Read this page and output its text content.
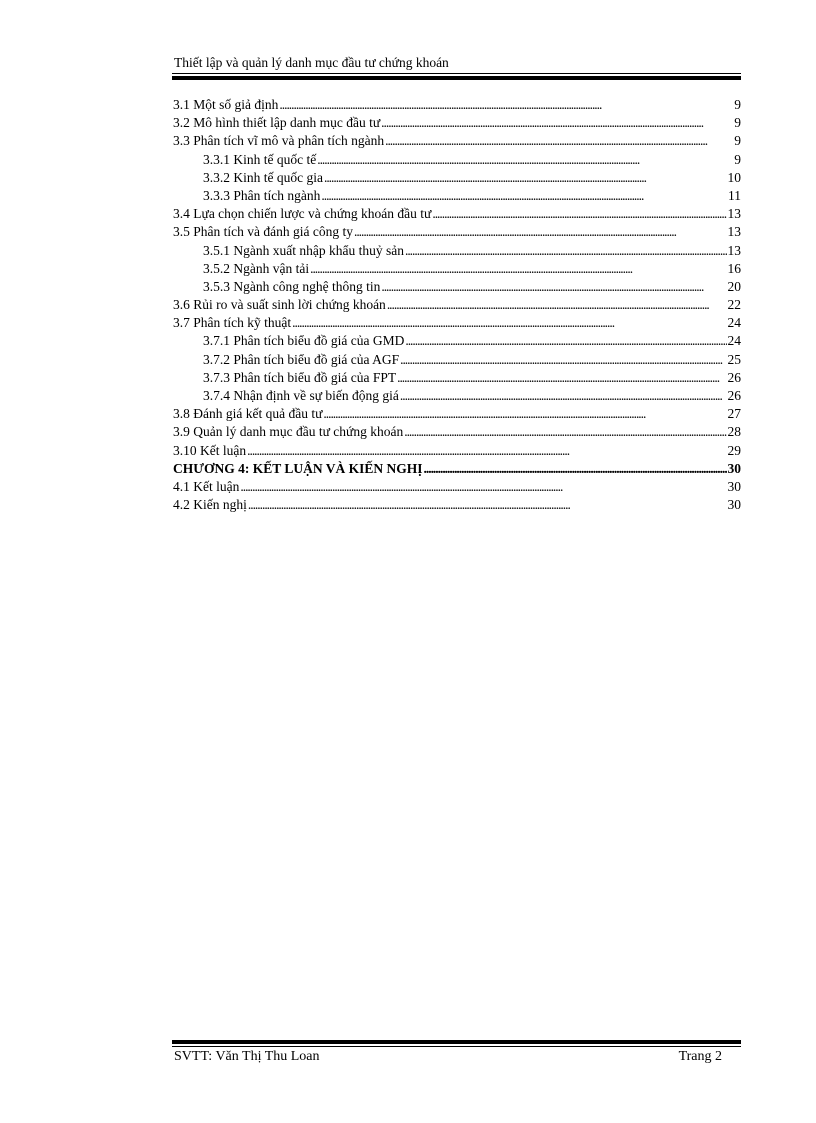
Thiết lập và quản lý danh mục đầu tư chứng khoán
3.1 Một số giả định . . .	9
3.2 Mô hình thiết lập danh mục đầu tư . . .	9
3.3 Phân tích vĩ mô và phân tích ngành . . .	9
3.3.1 Kinh tế quốc tế . . .	9
3.3.2 Kinh tế quốc gia . . .	10
3.3.3 Phân tích ngành . . .	11
3.4 Lựa chọn chiến lược và chứng khoán đầu tư . . .	13
3.5 Phân tích và đánh giá công ty . . .	13
3.5.1 Ngành xuất nhập khẩu thuỷ sản . . .	13
3.5.2 Ngành vận tải . . .	16
3.5.3 Ngành công nghệ thông tin . . .	20
3.6 Rủi ro và suất sinh lời chứng khoán . . .	22
3.7 Phân tích kỹ thuật . . .	24
3.7.1 Phân tích biểu đồ giá của GMD . . .	24
3.7.2 Phân tích biểu đồ giá của AGF . . .	25
3.7.3 Phân tích biểu đồ giá của FPT . . .	26
3.7.4 Nhận định về sự biến động giá . . .	26
3.8 Đánh giá kết quả đầu tư . . .	27
3.9 Quản lý danh mục đầu tư chứng khoán . . .	28
3.10 Kết luận . . .	29
CHƯƠNG 4: KẾT LUẬN VÀ KIẾN NGHỊ . . .	30
4.1 Kết luận . . .	30
4.2 Kiến nghị . . .	30
SVTT: Văn Thị Thu Loan	Trang 2
